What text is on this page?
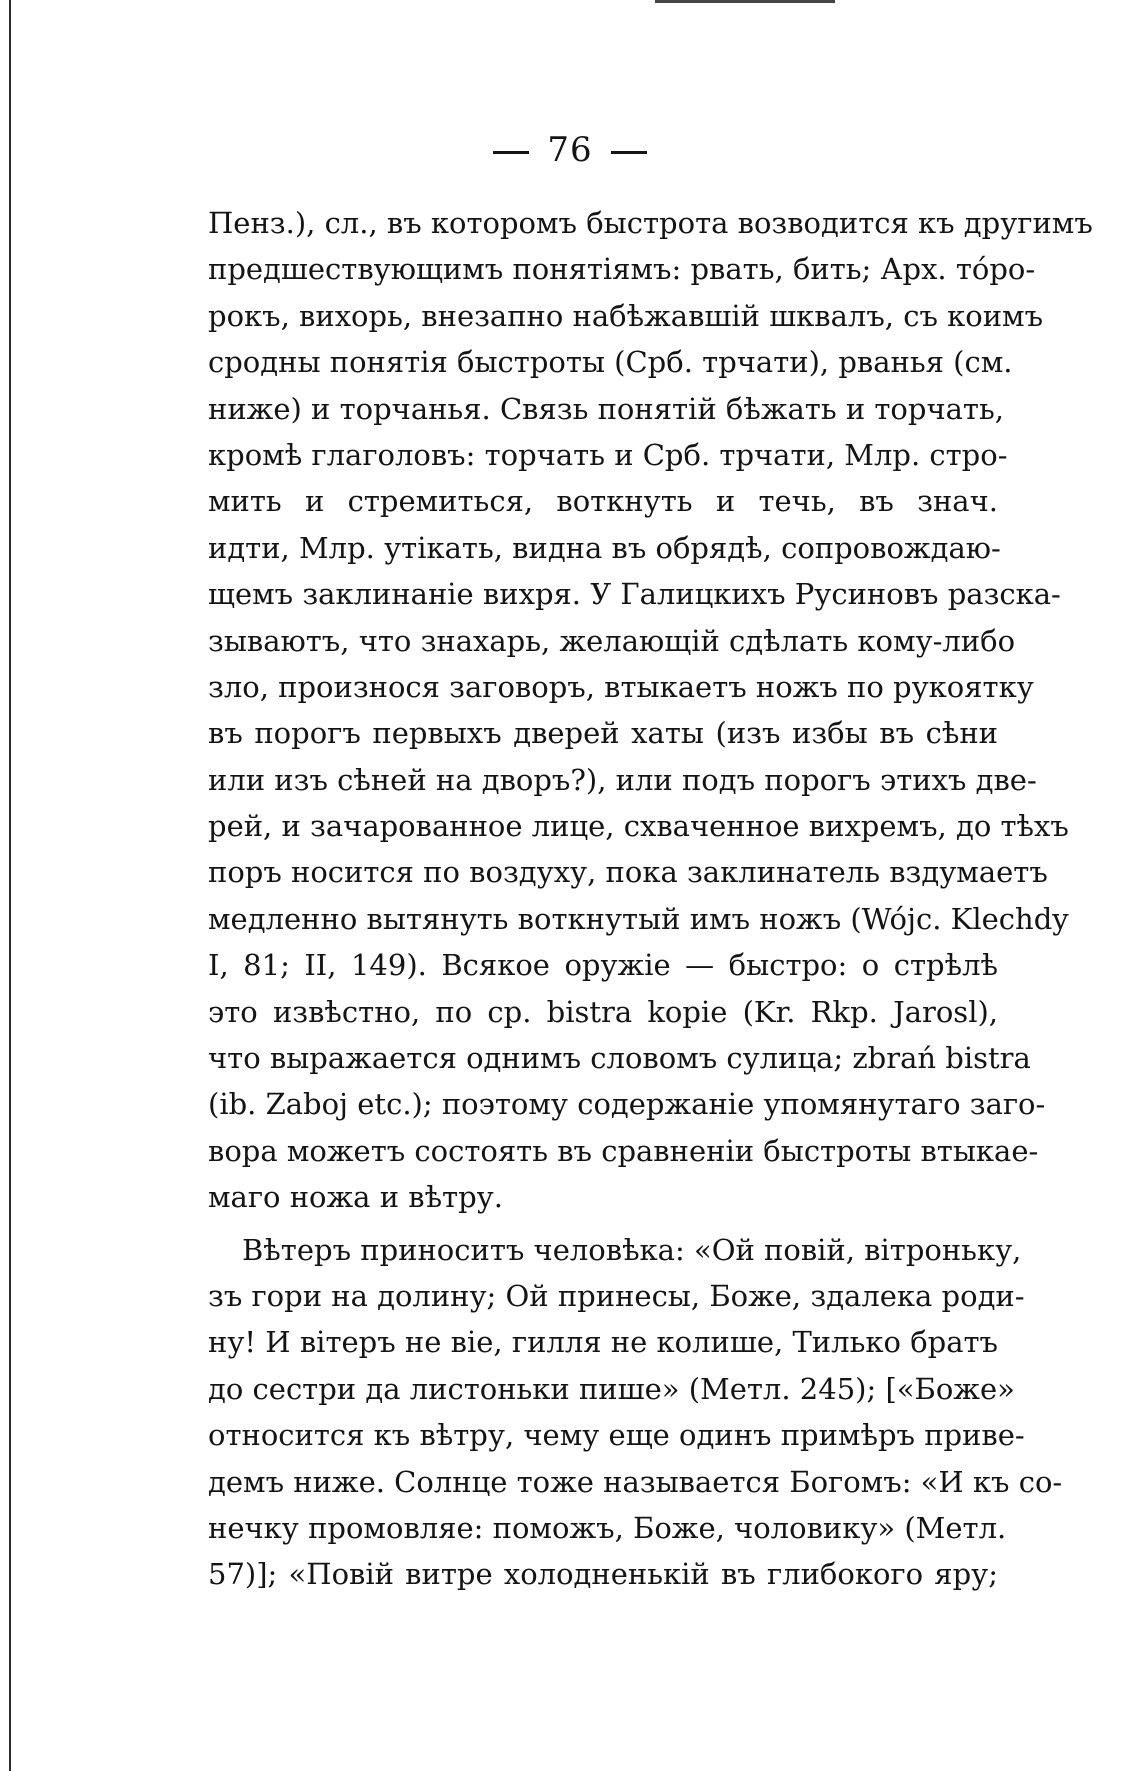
76
Пенз.), сл., въ которомъ быстрота возводится къ другимъ
предшествующимъ понятіямъ: рвать, бить; Арх. тóро-
рокъ, вихорь, внезапно набѣжавшій шквалъ, съ коимъ
сродны понятія быстроты (Срб. трчати), рванья (см.
ниже) и торчанья. Связь понятій бѣжать и торчать,
кромѣ глаголовъ: торчать и Срб. трчати, Млр. стро-
мить и стремиться, воткнуть и течь, въ знач.
идти, Млр. утікать, видна въ обрядѣ, сопровождаю-
щемъ заклинаніе вихря. У Галицкихъ Русиновъ разска-
зываютъ, что знахарь, желающій сдѣлать кому-либо
зло, произнося заговоръ, втыкаетъ ножъ по рукоятку
въ порогъ первыхъ дверей хаты (изъ избы въ сѣни
или изъ сѣней на дворъ?), или подъ порогъ этихъ две-
рей, и зачарованное лице, схваченное вихремъ, до тѣхъ
поръ носится по воздуху, пока заклинатель вздумаетъ
медленно вытянуть воткнутый имъ ножъ (Wójc. Klechdy
I, 81; II, 149). Всякое оружіе — быстро: о стрѣлѣ
это извѣстно, по ср. bistra kopie (Kr. Rkp. Jarosl),
что выражается однимъ словомъ сулица; zbrań bistra
(ib. Zaboj etc.); поэтому содержаніе упомянутаго заго-
вора можетъ состоять въ сравненіи быстроты втыкае-
маго ножа и вѣтру.
Вѣтеръ приноситъ человѣка: «Ой повій, вітроньку,
зъ гори на долину; Ой принесы, Боже, здалека роди-
ну! И вітеръ не віе, гилля не колише, Тилько братъ
до сестри да листоньки пише» (Метл. 245); [«Боже»
относится къ вѣтру, чему еще одинъ примѣръ приве-
демъ ниже. Солнце тоже называется Богомъ: «И къ со-
нечку промовляе: поможъ, Боже, чоловику» (Метл.
57)]; «Повій витре холодненькій въ глибокого яру;
